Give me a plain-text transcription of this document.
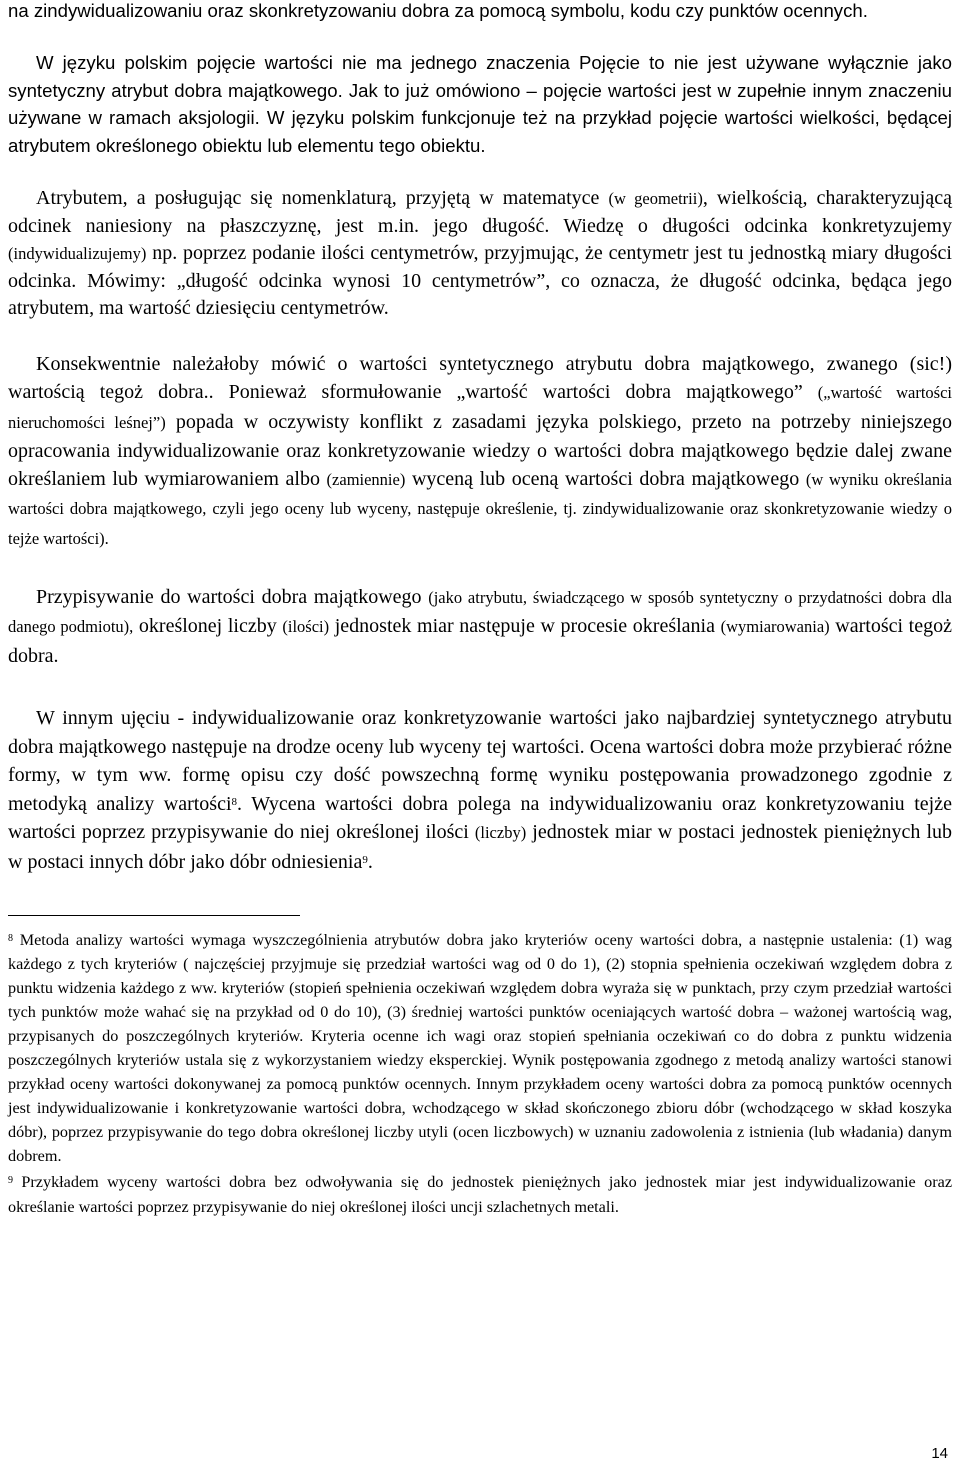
na zindywidualizowaniu oraz skonkretyzowaniu dobra za pomocą symbolu, kodu czy punktów ocennych.

W języku polskim pojęcie wartości nie ma jednego znaczenia Pojęcie to nie jest używane wyłącznie jako syntetyczny atrybut dobra majątkowego. Jak to już omówiono – pojęcie wartości jest w zupełnie innym znaczeniu używane w ramach aksjologii. W języku polskim funkcjonuje też na przykład pojęcie wartości wielkości, będącej atrybutem określonego obiektu lub elementu tego obiektu.

Atrybutem, a posługując się nomenklaturą, przyjętą w matematyce (w geometrii), wielkością, charakteryzującą odcinek naniesiony na płaszczyznę, jest m.in. jego długość. Wiedzę o długości odcinka konkretyzujemy (indywidualizujemy) np. poprzez podanie ilości centymetrów, przyjmując, że centymetr jest tu jednostką miary długości odcinka. Mówimy: „długość odcinka wynosi 10 centymetrów”, co oznacza, że długość odcinka, będąca jego atrybutem, ma wartość dziesięciu centymetrów.

Konsekwentnie należałoby mówić o wartości syntetycznego atrybutu dobra majątkowego, zwanego (sic!) wartością tegoż dobra.. Ponieważ sformułowanie „wartość wartości dobra majątkowego” („wartość wartości nieruchomości leśnej”) popada w oczywisty konflikt z zasadami języka polskiego, przeto na potrzeby niniejszego opracowania indywidualizowanie oraz konkretyzowanie wiedzy o wartości dobra majątkowego będzie dalej zwane określaniem lub wymiarowaniem albo (zamiennie) wyceną lub oceną wartości dobra majątkowego (w wyniku określania wartości dobra majątkowego, czyli jego oceny lub wyceny, następuje określenie, tj. zindywidualizowanie oraz skonkretyzowanie wiedzy o tejże wartości).

Przypisywanie do wartości dobra majątkowego (jako atrybutu, świadczącego w sposób syntetyczny o przydatności dobra dla danego podmiotu), określonej liczby (ilości) jednostek miar następuje w procesie określania (wymiarowania) wartości tegoż dobra.

W innym ujęciu - indywidualizowanie oraz konkretyzowanie wartości jako najbardziej syntetycznego atrybutu dobra majątkowego następuje na drodze oceny lub wyceny tej wartości. Ocena wartości dobra może przybierać różne formy, w tym ww. formę opisu czy dość powszechną formę wyniku postępowania prowadzonego zgodnie z metodyką analizy wartości$^8$. Wycena wartości dobra polega na indywidualizowaniu oraz konkretyzowaniu tejże wartości poprzez przypisywanie do niej określonej ilości (liczby) jednostek miar w postaci jednostek pieniężnych lub w postaci innych dóbr jako dóbr odniesienia$^9$.

$^8$ Metoda analizy wartości wymaga wyszczególnienia atrybutów dobra jako kryteriów oceny wartości dobra, a następnie ustalenia: (1) wag każdego z tych kryteriów ( najczęściej przyjmuje się przedział wartości wag od 0 do 1), (2) stopnia spełnienia oczekiwań względem dobra z punktu widzenia każdego z ww. kryteriów (stopień spełnienia oczekiwań względem dobra wyraża się w punktach, przy czym przedział wartości tych punktów może wahać się na przykład od 0 do 10), (3) średniej wartości punktów oceniających wartość dobra – ważonej wartością wag, przypisanych do poszczególnych kryteriów. Kryteria ocenne ich wagi oraz stopień spełniania oczekiwań co do dobra z punktu widzenia poszczególnych kryteriów ustala się z wykorzystaniem wiedzy eksperckiej. Wynik postępowania zgodnego z metodą analizy wartości stanowi przykład oceny wartości dokonywanej za pomocą punktów ocennych. Innym przykładem oceny wartości dobra za pomocą punktów ocennych jest indywidualizowanie i konkretyzowanie wartości dobra, wchodzącego w skład skończonego zbioru dóbr (wchodzącego w skład koszyka dóbr), poprzez przypisywanie do tego dobra określonej liczby utyli (ocen liczbowych) w uznaniu zadowolenia z istnienia (lub władania) danym dobrem.

$^9$ Przykładem wyceny wartości dobra bez odwoływania się do jednostek pieniężnych jako jednostek miar jest indywidualizowanie oraz określanie wartości poprzez przypisywanie do niej określonej ilości uncji szlachetnych metali.

14
